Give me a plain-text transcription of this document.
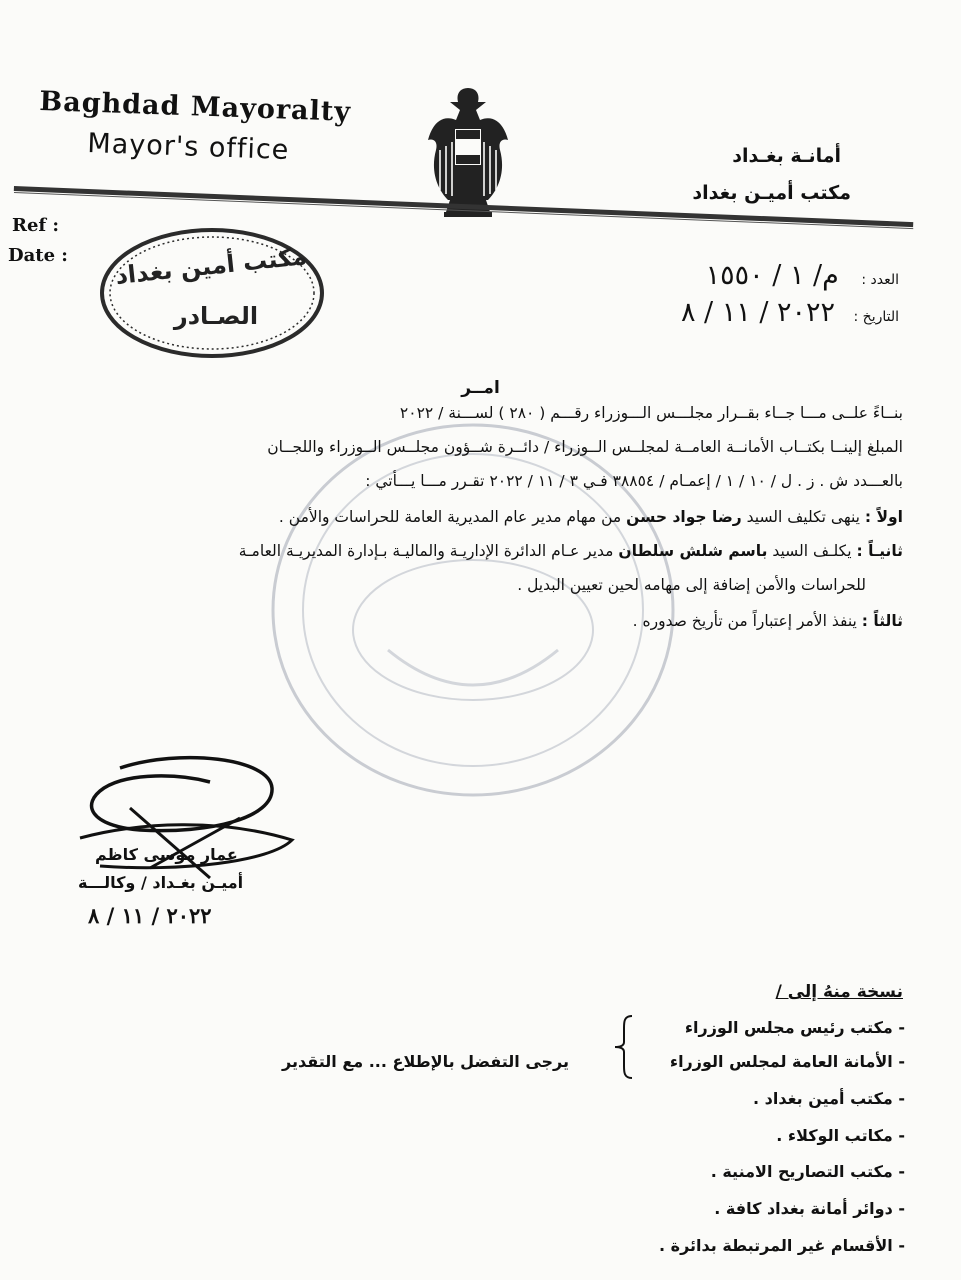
Baghdad Mayoralty
Mayor's office	أمانـة بغـداد
مكتب أميـن بغداد
Ref :
Date : مكتب أمين بغداد
الصـادر
العدد : م/ ١ / ١٥٥٠
التاريخ : ٢٠٢٢ / ١١ / ٨
امــر
بنــاءً علــى مـــا جــاء بقــرار مجلـــس الـــوزراء رقـــم ( ٢٨٠ ) لســـنة / ٢٠٢٢
المبلغ إلينــا بكتــاب الأمانــة العامــة لمجلــس الــوزراء / دائــرة شــؤون مجلــس الــوزراء واللجــان
بالعـــدد ش . ز . ل / ١٠ / ١ / إعمـام / ٣٨٨٥٤ فـي ٣ / ١١ / ٢٠٢٢ تقـرر مـــا يـــأتي :
اولاً : ينهى تكليف السيد رضا جواد حسن من مهام مدير عام المديرية العامة للحراسات والأمن .
ثانيـاً : يكلـف السيد باسم شلش سلطان مدير عـام الدائرة الإداريـة والماليـة بـإدارة المديريـة العامـة
للحراسات والأمن إضافة إلى مهامه لحين تعيين البديل .
ثالثاً : ينفذ الأمر إعتباراً من تأريخ صدوره .
عمار موسى كاظم
أميـن بغـداد / وكالـــة
٢٠٢٢ / ١١ / ٨
نسخة منهُ إلى /
- مكتب رئيس مجلس الوزراء
- الأمانة العامة لمجلس الوزراء
- مكتب أمين بغداد .
- مكاتب الوكلاء .
- مكتب التصاريح الامنية .
- دوائر أمانة بغداد كافة .
- الأقسام غير المرتبطة بدائرة .
يرجى التفضل بالإطلاع ... مع التقدير
